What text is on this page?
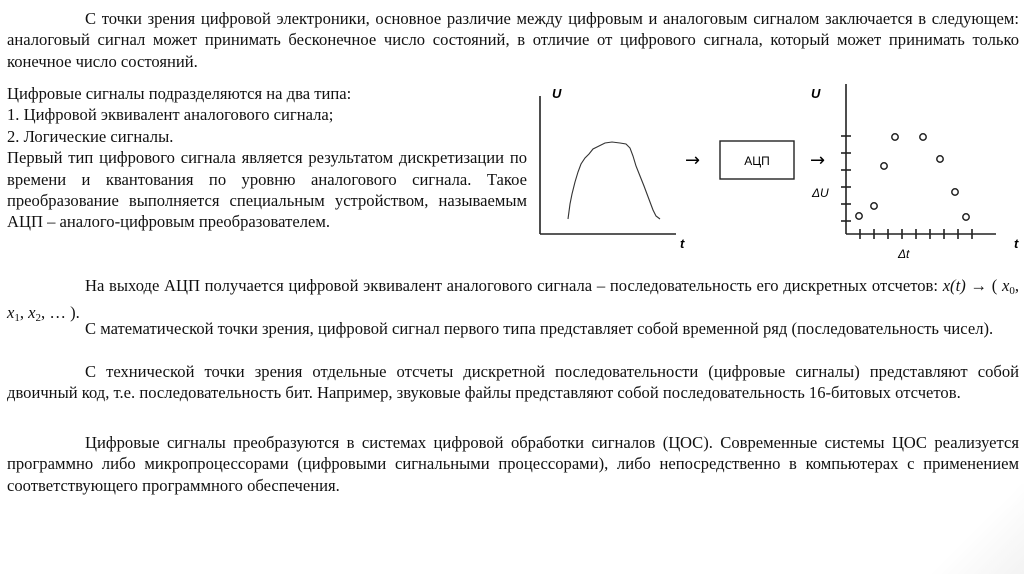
С точки зрения цифровой электроники, основное различие между цифровым и аналоговым сигналом заключается в следующем: аналоговый сигнал может принимать бесконечное число состояний, в отличие от цифрового сигнала, который может принимать только конечное число состояний.

Цифровые сигналы подразделяются на два типа:
1. Цифровой эквивалент аналогового сигнала;
2. Логические сигналы.
Первый тип цифрового сигнала является результатом дискретизации по времени и квантования по уровню аналогового сигнала. Такое преобразование выполняется специальным устройством, называемым АЦП – аналого-цифровым преобразователем.
U
t
→	АЦП →
U
ΔU
Δt
t

На выходе АЦП получается цифровой эквивалент аналогового сигнала – последовательность его дискретных отсчетов: x(t) → ( $x_0$, $x_1$, $x_2$, … ).

С математической точки зрения, цифровой сигнал первого типа представляет собой временной ряд (последовательность чисел).

С технической точки зрения отдельные отсчеты дискретной последовательности (цифровые сигналы) представляют собой двоичный код, т.е. последовательность бит. Например, звуковые файлы представляют собой последовательность 16-битовых отсчетов.

Цифровые сигналы преобразуются в системах цифровой обработки сигналов (ЦОС). Современные системы ЦОС реализуется программно либо микропроцессорами (цифровыми сигнальными процессорами), либо непосредственно в компьютерах с применением соответствующего программного обеспечения.
